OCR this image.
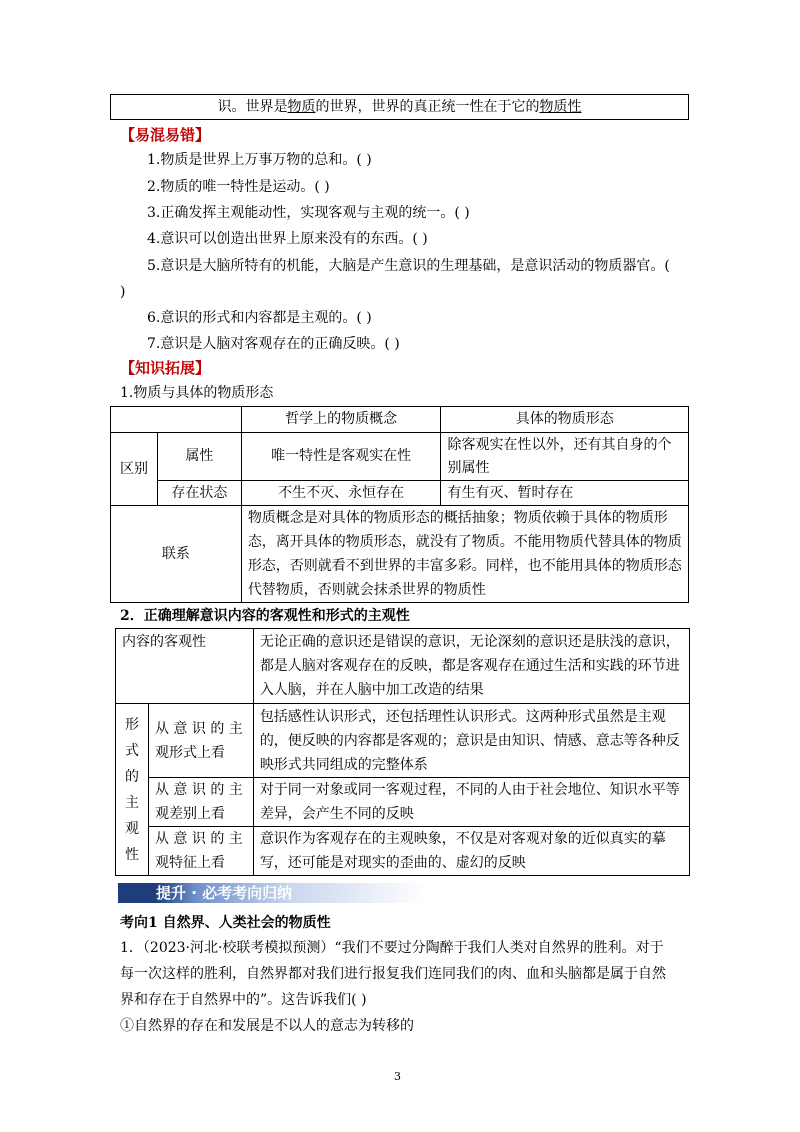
识。世界是物质的世界，世界的真正统一性在于它的物质性
【易混易错】
1.物质是世界上万事万物的总和。( )
2.物质的唯一特性是运动。( )
3.正确发挥主观能动性，实现客观与主观的统一。( )
4.意识可以创造出世界上原来没有的东西。( )
5.意识是大脑所特有的机能，大脑是产生意识的生理基础，是意识活动的物质器官。(
)
6.意识的形式和内容都是主观的。( )
7.意识是人脑对客观存在的正确反映。( )
【知识拓展】
1.物质与具体的物质形态
		哲学上的物质概念	具体的物质形态
区别	属性	唯一特性是客观实在性	除客观实在性以外，还有其自身的个别属性
	存在状态	不生不灭、永恒存在	有生有灭、暂时存在
联系		物质概念是对具体的物质形态的概括抽象；物质依赖于具体的物质形态，离开具体的物质形态，就没有了物质。不能用物质代替具体的物质形态，否则就看不到世界的丰富多彩。同样，也不能用具体的物质形态代替物质，否则就会抹杀世界的物质性	
2．正确理解意识内容的客观性和形式的主观性
内容的客观性		无论正确的意识还是错误的意识，无论深刻的意识还是肤浅的意识，都是人脑对客观存在的反映，都是客观存在通过生活和实践的环节进入人脑，并在人脑中加工改造的结果
形式的主观性	从 意 识 的 主观形式上看	包括感性认识形式，还包括理性认识形式。这两种形式虽然是主观的，便反映的内容都是客观的；意识是由知识、情感、意志等各种反映形式共同组成的完整体系
	从 意 识 的 主观差别上看	对于同一对象或同一客观过程，不同的人由于社会地位、知识水平等差异，会产生不同的反映
	从 意 识 的 主观特征上看	意识作为客观存在的主观映象，不仅是对客观对象的近似真实的摹写，还可能是对现实的歪曲的、虚幻的反映
提升 · 必考考向归纳
考向1 自然界、人类社会的物质性
1．（2023·河北·校联考模拟预测）“我们不要过分陶醉于我们人类对自然界的胜利。对于
每一次这样的胜利，自然界都对我们进行报复我们连同我们的肉、血和头脑都是属于自然
界和存在于自然界中的”。这告诉我们( )
①自然界的存在和发展是不以人的意志为转移的
3
